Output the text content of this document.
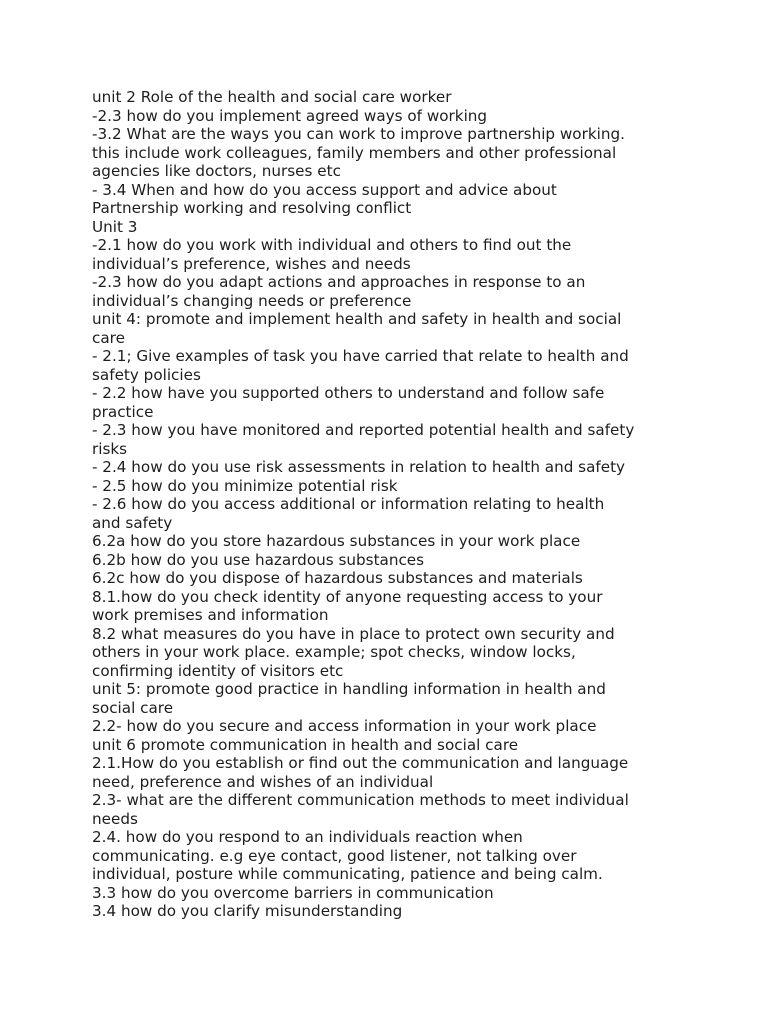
unit 2 Role of the health and social care worker

-2.3 how do you implement agreed ways of working

-3.2 What are the ways you can work to improve partnership working.

this include work colleagues, family members and other professional

agencies like doctors, nurses etc

- 3.4 When and how do you access support and advice about

Partnership working and resolving conflict

Unit 3

-2.1 how do you work with individual and others to find out the

individual’s preference, wishes and needs

-2.3 how do you adapt actions and approaches in response to an

individual’s changing needs or preference

unit 4: promote and implement health and safety in health and social

care

- 2.1; Give examples of task you have carried that relate to health and

safety policies

- 2.2 how have you supported others to understand and follow safe

practice

- 2.3 how you have monitored and reported potential health and safety

risks

- 2.4 how do you use risk assessments in relation to health and safety

- 2.5 how do you minimize potential risk

- 2.6 how do you access additional or information relating to health

and safety

6.2a how do you store hazardous substances in your work place

6.2b how do you use hazardous substances

6.2c how do you dispose of hazardous substances and materials

8.1.how do you check identity of anyone requesting access to your

work premises and information

8.2 what measures do you have in place to protect own security and

others in your work place. example; spot checks, window locks,

confirming identity of visitors etc

unit 5: promote good practice in handling information in health and

social care

2.2- how do you secure and access information in your work place

unit 6 promote communication in health and social care

2.1.How do you establish or find out the communication and language

need, preference and wishes of an individual

2.3- what are the different communication methods to meet individual

needs

2.4. how do you respond to an individuals reaction when

communicating. e.g eye contact, good listener, not talking over

individual, posture while communicating, patience and being calm.

3.3 how do you overcome barriers in communication

3.4 how do you clarify misunderstanding
